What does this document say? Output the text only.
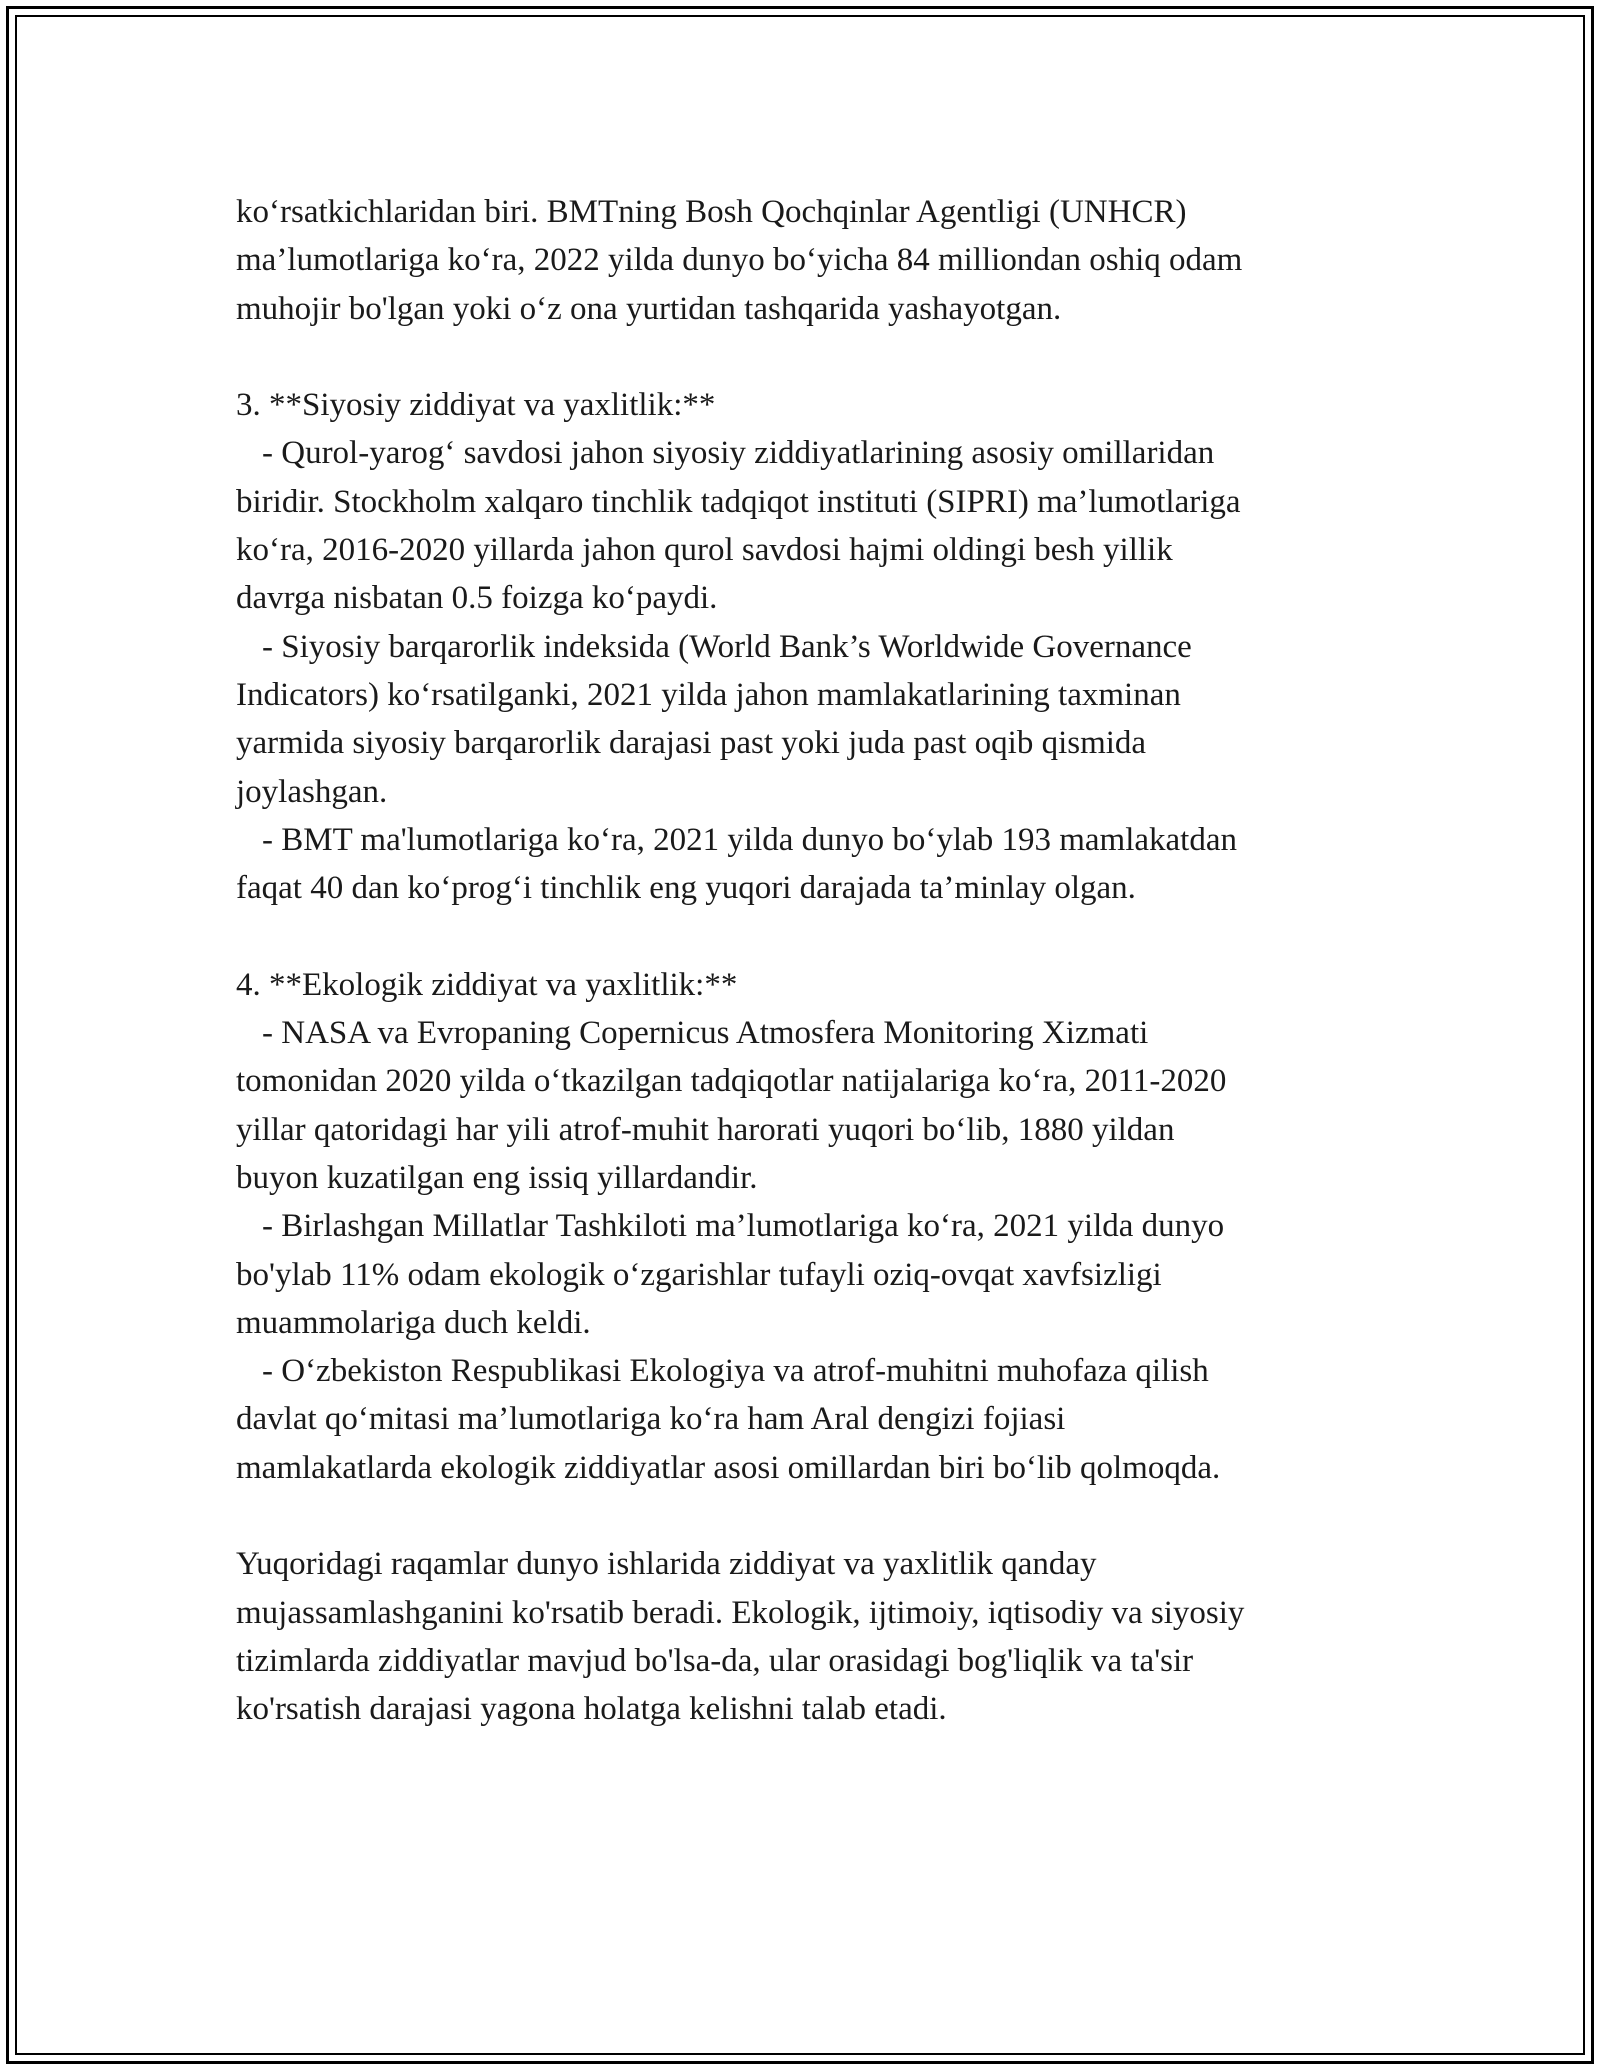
ko‘rsatkichlaridan biri. BMTning Bosh Qochqinlar Agentligi (UNHCR)
ma’lumotlariga ko‘ra, 2022 yilda dunyo bo‘yicha 84 milliondan oshiq odam
muhojir bo'lgan yoki o‘z ona yurtidan tashqarida yashayotgan.
3. **Siyosiy ziddiyat va yaxlitlik:**
- Qurol-yarog‘ savdosi jahon siyosiy ziddiyatlarining asosiy omillaridan
biridir. Stockholm xalqaro tinchlik tadqiqot instituti (SIPRI) ma’lumotlariga
ko‘ra, 2016-2020 yillarda jahon qurol savdosi hajmi oldingi besh yillik
davrga nisbatan 0.5 foizga ko‘paydi.
- Siyosiy barqarorlik indeksida (World Bank’s Worldwide Governance
Indicators) ko‘rsatilganki, 2021 yilda jahon mamlakatlarining taxminan
yarmida siyosiy barqarorlik darajasi past yoki juda past oqib qismida
joylashgan.
- BMT ma'lumotlariga ko‘ra, 2021 yilda dunyo bo‘ylab 193 mamlakatdan
faqat 40 dan ko‘prog‘i tinchlik eng yuqori darajada ta’minlay olgan.
4. **Ekologik ziddiyat va yaxlitlik:**
- NASA va Evropaning Copernicus Atmosfera Monitoring Xizmati
tomonidan 2020 yilda o‘tkazilgan tadqiqotlar natijalariga ko‘ra, 2011-2020
yillar qatoridagi har yili atrof-muhit harorati yuqori bo‘lib, 1880 yildan
buyon kuzatilgan eng issiq yillardandir.
- Birlashgan Millatlar Tashkiloti ma’lumotlariga ko‘ra, 2021 yilda dunyo
bo'ylab 11% odam ekologik o‘zgarishlar tufayli oziq-ovqat xavfsizligi
muammolariga duch keldi.
- O‘zbekiston Respublikasi Ekologiya va atrof-muhitni muhofaza qilish
davlat qo‘mitasi ma’lumotlariga ko‘ra ham Aral dengizi fojiasi
mamlakatlarda ekologik ziddiyatlar asosi omillardan biri bo‘lib qolmoqda.
Yuqoridagi raqamlar dunyo ishlarida ziddiyat va yaxlitlik qanday
mujassamlashganini ko'rsatib beradi. Ekologik, ijtimoiy, iqtisodiy va siyosiy
tizimlarda ziddiyatlar mavjud bo'lsa-da, ular orasidagi bog'liqlik va ta'sir
ko'rsatish darajasi yagona holatga kelishni talab etadi.
